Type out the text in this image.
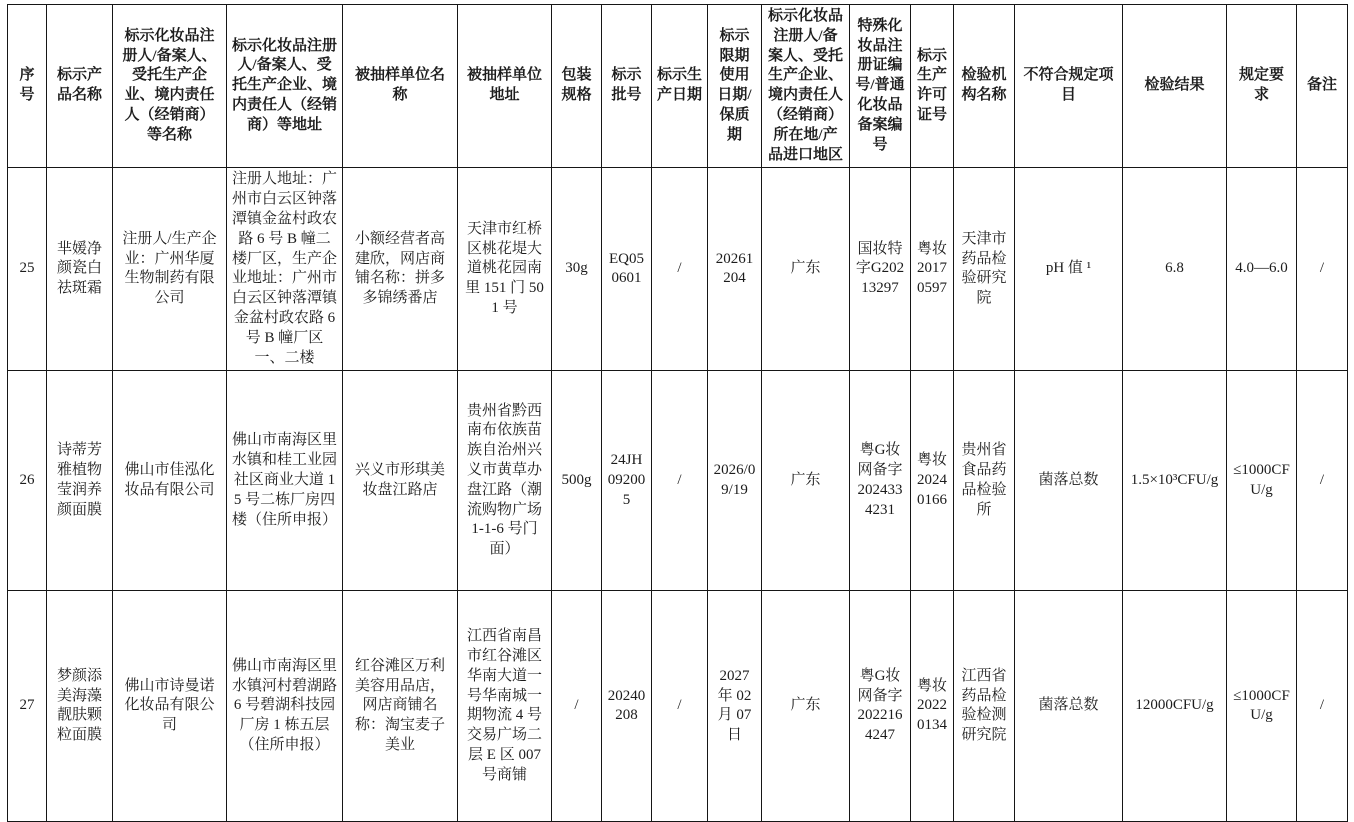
序号	标示产品名称	标示化妆品注册人/备案人、受托生产企业、境内责任人（经销商）等名称	标示化妆品注册人/备案人、受托生产企业、境内责任人（经销商）等地址	被抽样单位名称	被抽样单位地址	包装规格	标示批号	标示生产日期	标示限期使用日期/保质期	标示化妆品注册人/备案人、受托生产企业、境内责任人（经销商）所在地/产品进口地区	特殊化妆品注册证编号/普通化妆品备案编号	标示生产许可证号	检验机构名称	不符合规定项目	检验结果	规定要求	备注
25	芈媛净颜瓷白祛斑霜	注册人/生产企业：广州华厦生物制药有限公司	注册人地址：广州市白云区钟落潭镇金盆村政农路 6 号 B 幢二楼厂区，生产企业地址：广州市白云区钟落潭镇金盆村政农路 6 号 B 幢厂区一、二楼	小额经营者高建欣，网店商铺名称：拼多多锦绣番店	天津市红桥区桃花堤大道桃花园南里 151 门 501 号	30g	EQ050601	/	20261204	广东	国妆特字G20213297	粤妆20170597	天津市药品检验研究院	pH 值 ¹	6.8	4.0—6.0	/
26	诗蒂芳雅植物莹润养颜面膜	佛山市佳泓化妆品有限公司	佛山市南海区里水镇和桂工业园社区商业大道 15 号二栋厂房四楼（住所申报）	兴义市形琪美妆盘江路店	贵州省黔西南布依族苗族自治州兴义市黄草办盘江路（潮流购物广场 1-1-6 号门面）	500g	24JH092005	/	2026/09/19	广东	粤G妆网备字2024334231	粤妆20240166	贵州省食品药品检验所	菌落总数	1.5×10³CFU/g	≤1000CFU/g	/
27	梦颜添美海藻靓肤颗粒面膜	佛山市诗曼诺化妆品有限公司	佛山市南海区里水镇河村碧湖路 6 号碧湖科技园厂房 1 栋五层（住所申报）	红谷滩区万利美容用品店，网店商铺名称：淘宝麦子美业	江西省南昌市红谷滩区华南大道一号华南城一期物流 4 号交易广场二层 E 区 007 号商铺	/	20240208	/	2027 年 02 月 07 日	广东	粤G妆网备字2022164247	粤妆20220134	江西省药品检验检测研究院	菌落总数	12000CFU/g	≤1000CFU/g	/
